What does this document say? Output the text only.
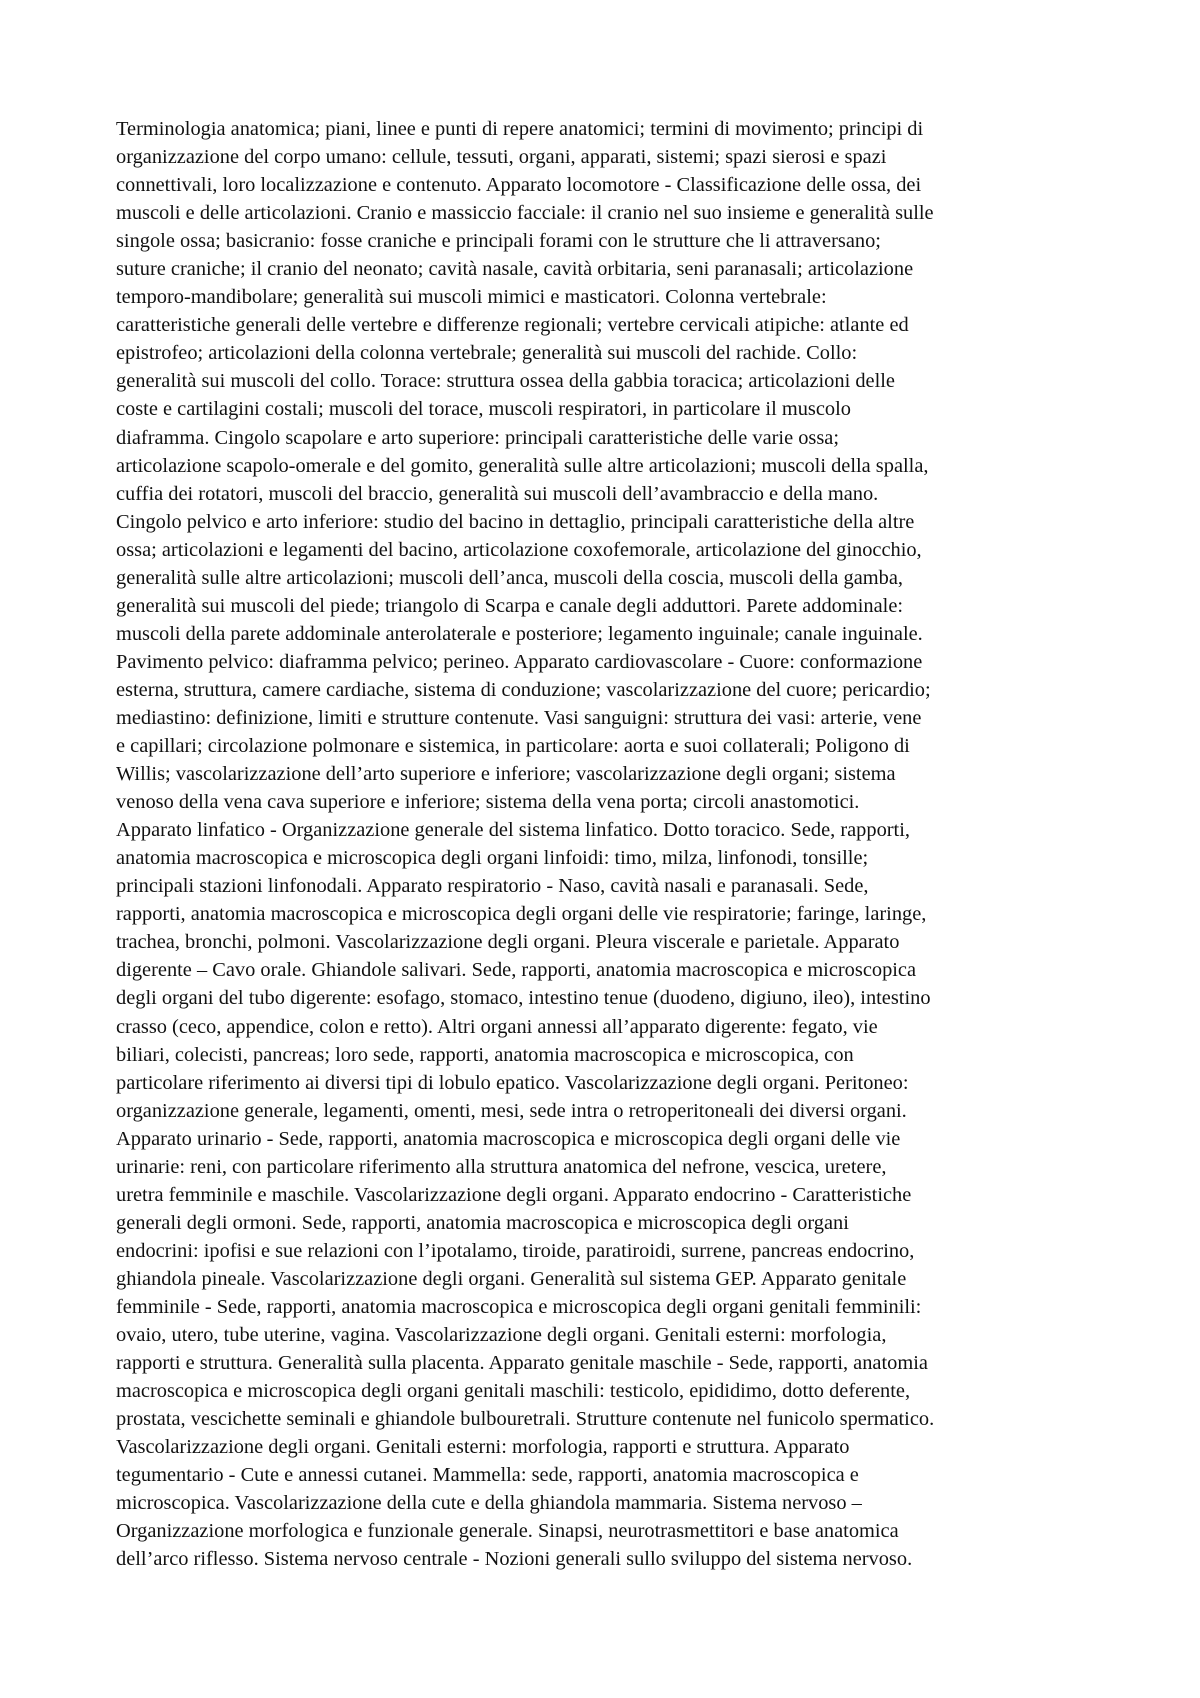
Terminologia anatomica; piani, linee e punti di repere anatomici; termini di movimento; principi di
organizzazione del corpo umano: cellule, tessuti, organi, apparati, sistemi; spazi sierosi e spazi
connettivali, loro localizzazione e contenuto. Apparato locomotore - Classificazione delle ossa, dei
muscoli e delle articolazioni. Cranio e massiccio facciale: il cranio nel suo insieme e generalità sulle
singole ossa; basicranio: fosse craniche e principali forami con le strutture che li attraversano;
suture craniche; il cranio del neonato; cavità nasale, cavità orbitaria, seni paranasali; articolazione
temporo-mandibolare; generalità sui muscoli mimici e masticatori. Colonna vertebrale:
caratteristiche generali delle vertebre e differenze regionali; vertebre cervicali atipiche: atlante ed
epistrofeo; articolazioni della colonna vertebrale; generalità sui muscoli del rachide. Collo:
generalità sui muscoli del collo. Torace: struttura ossea della gabbia toracica; articolazioni delle
coste e cartilagini costali; muscoli del torace, muscoli respiratori, in particolare il muscolo
diaframma. Cingolo scapolare e arto superiore: principali caratteristiche delle varie ossa;
articolazione scapolo-omerale e del gomito, generalità sulle altre articolazioni; muscoli della spalla,
cuffia dei rotatori, muscoli del braccio, generalità sui muscoli dell’avambraccio e della mano.
Cingolo pelvico e arto inferiore: studio del bacino in dettaglio, principali caratteristiche della altre
ossa; articolazioni e legamenti del bacino, articolazione coxofemorale, articolazione del ginocchio,
generalità sulle altre articolazioni; muscoli dell’anca, muscoli della coscia, muscoli della gamba,
generalità sui muscoli del piede; triangolo di Scarpa e canale degli adduttori. Parete addominale:
muscoli della parete addominale anterolaterale e posteriore; legamento inguinale; canale inguinale.
Pavimento pelvico: diaframma pelvico; perineo. Apparato cardiovascolare - Cuore: conformazione
esterna, struttura, camere cardiache, sistema di conduzione; vascolarizzazione del cuore; pericardio;
mediastino: definizione, limiti e strutture contenute. Vasi sanguigni: struttura dei vasi: arterie, vene
e capillari; circolazione polmonare e sistemica, in particolare: aorta e suoi collaterali; Poligono di
Willis; vascolarizzazione dell’arto superiore e inferiore; vascolarizzazione degli organi; sistema
venoso della vena cava superiore e inferiore; sistema della vena porta; circoli anastomotici.
Apparato linfatico - Organizzazione generale del sistema linfatico. Dotto toracico. Sede, rapporti,
anatomia macroscopica e microscopica degli organi linfoidi: timo, milza, linfonodi, tonsille;
principali stazioni linfonodali. Apparato respiratorio - Naso, cavità nasali e paranasali. Sede,
rapporti, anatomia macroscopica e microscopica degli organi delle vie respiratorie; faringe, laringe,
trachea, bronchi, polmoni. Vascolarizzazione degli organi. Pleura viscerale e parietale. Apparato
digerente – Cavo orale. Ghiandole salivari. Sede, rapporti, anatomia macroscopica e microscopica
degli organi del tubo digerente: esofago, stomaco, intestino tenue (duodeno, digiuno, ileo), intestino
crasso (ceco, appendice, colon e retto). Altri organi annessi all’apparato digerente: fegato, vie
biliari, colecisti, pancreas; loro sede, rapporti, anatomia macroscopica e microscopica, con
particolare riferimento ai diversi tipi di lobulo epatico. Vascolarizzazione degli organi. Peritoneo:
organizzazione generale, legamenti, omenti, mesi, sede intra o retroperitoneali dei diversi organi.
Apparato urinario - Sede, rapporti, anatomia macroscopica e microscopica degli organi delle vie
urinarie: reni, con particolare riferimento alla struttura anatomica del nefrone, vescica, uretere,
uretra femminile e maschile. Vascolarizzazione degli organi. Apparato endocrino - Caratteristiche
generali degli ormoni. Sede, rapporti, anatomia macroscopica e microscopica degli organi
endocrini: ipofisi e sue relazioni con l’ipotalamo, tiroide, paratiroidi, surrene, pancreas endocrino,
ghiandola pineale. Vascolarizzazione degli organi. Generalità sul sistema GEP. Apparato genitale
femminile - Sede, rapporti, anatomia macroscopica e microscopica degli organi genitali femminili:
ovaio, utero, tube uterine, vagina. Vascolarizzazione degli organi. Genitali esterni: morfologia,
rapporti e struttura. Generalità sulla placenta. Apparato genitale maschile - Sede, rapporti, anatomia
macroscopica e microscopica degli organi genitali maschili: testicolo, epididimo, dotto deferente,
prostata, vescichette seminali e ghiandole bulbouretrali. Strutture contenute nel funicolo spermatico.
Vascolarizzazione degli organi. Genitali esterni: morfologia, rapporti e struttura. Apparato
tegumentario - Cute e annessi cutanei. Mammella: sede, rapporti, anatomia macroscopica e
microscopica. Vascolarizzazione della cute e della ghiandola mammaria. Sistema nervoso –
Organizzazione morfologica e funzionale generale. Sinapsi, neurotrasmettitori e base anatomica
dell’arco riflesso. Sistema nervoso centrale - Nozioni generali sullo sviluppo del sistema nervoso.
